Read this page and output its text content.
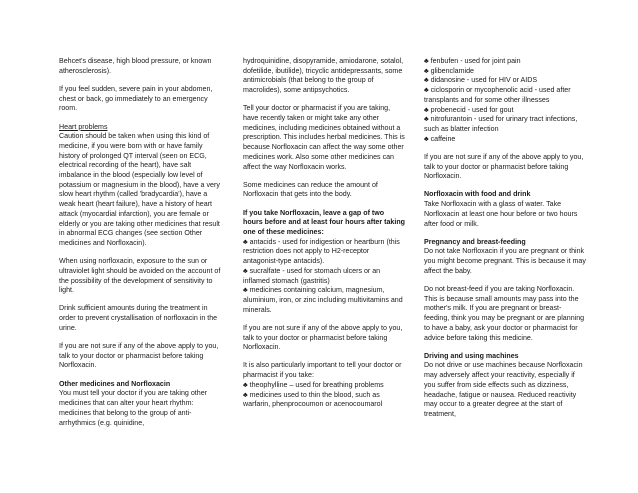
Behcet's disease, high blood pressure, or known atherosclerosis).

If you feel sudden, severe pain in your abdomen, chest or back, go immediately to an emergency room.

Heart problems

Caution should be taken when using this kind of medicine, if you were born with or have family history of prolonged QT interval (seen on ECG, electrical recording of the heart), have salt imbalance in the blood (especially low level of potassium or magnesium in the blood), have a very slow heart rhythm (called 'bradycardia'), have a weak heart (heart failure), have a history of heart attack (myocardial infarction), you are female or elderly or you are taking other medicines that result in abnormal ECG changes (see section Other medicines and Norfloxacin).

When using norfloxacin, exposure to the sun or ultraviolet light should be avoided on the account of the possibility of the development of sensitivity to light.

Drink sufficient amounts during the treatment in order to prevent crystallisation of norfloxacin in the urine.

If you are not sure if any of the above apply to you, talk to your doctor or pharmacist before taking Norfloxacin.

Other medicines and Norfloxacin

You must tell your doctor if you are taking other medicines that can alter your heart rhythm: medicines that belong to the group of anti-arrhythmics (e.g. quinidine,

hydroquinidine, disopyramide, amiodarone, sotalol, dofetilide, ibutilide), tricyclic antidepressants, some antimicrobials (that belong to the group of macrolides), some antipsychotics.

Tell your doctor or pharmacist if you are taking, have recently taken or might take any other medicines, including medicines obtained without a prescription. This includes herbal medicines. This is because Norfloxacin can affect the way some other medicines work. Also some other medicines can affect the way Norfloxacin works.

Some medicines can reduce the amount of Norfloxacin that gets into the body.

If you take Norfloxacin, leave a gap of two hours before and at least four hours after taking one of these medicines:
♣ antacids - used for indigestion or heartburn (this restriction does not apply to H2-receptor antagonist-type antacids).
♣ sucralfate - used for stomach ulcers or an inflamed stomach (gastritis)

♣ medicines containing calcium, magnesium, aluminium, iron, or zinc including multivitamins and minerals.

If you are not sure if any of the above apply to you, talk to your doctor or pharmacist before taking Norfloxacin.

It is also particularly important to tell your doctor or pharmacist if you take:
♣ theophylline – used for breathing problems
♣ medicines used to thin the blood, such as warfarin, phenprocoumon or acenocoumarol
♣ fenbufen - used for joint pain
♣ glibenclamide
♣ didanosine - used for HIV or AIDS
♣ ciclosporin or mycophenolic acid - used after transplants and for some other illnesses
♣ probenecid - used for gout
♣ nitrofurantoin - used for urinary tract infections, such as blatter infection

♣ caffeine

If you are not sure if any of the above apply to you, talk to your doctor or pharmacist before taking Norfloxacin.

Norfloxacin with food and drink

Take Norfloxacin with a glass of water. Take Norfloxacin at least one hour before or two hours after food or milk.

Pregnancy and breast-feeding

Do not take Norfloxacin if you are pregnant or think you might become pregnant. This is because it may affect the baby.

Do not breast-feed if you are taking Norfloxacin. This is because small amounts may pass into the mother's milk. If you are pregnant or breast-feeding, think you may be pregnant or are planning to have a baby, ask your doctor or pharmacist for advice before taking this medicine.

Driving and using machines

Do not drive or use machines because Norfloxacin may adversely affect your reactivity, especially if you suffer from side effects such as dizziness, headache, fatigue or nausea. Reduced reactivity may occur to a greater degree at the start of treatment,
